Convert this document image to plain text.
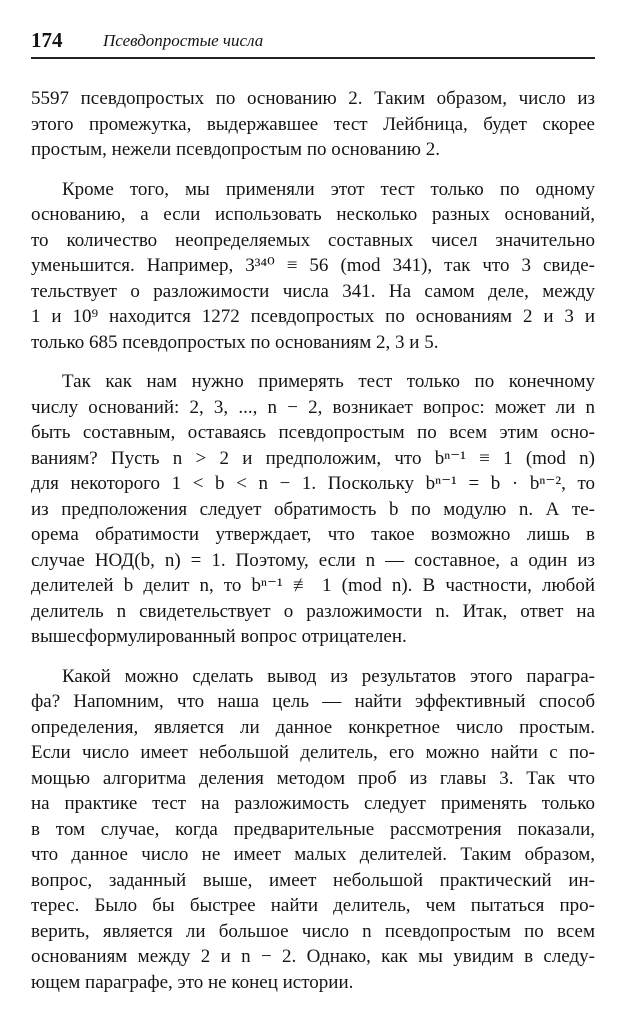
174 Псевдопростые числа
5597 псевдопростых по основанию 2. Таким образом, число из
этого промежутка, выдержавшее тест Лейбница, будет скорее
простым, нежели псевдопростым по основанию 2.
Кроме того, мы применяли этот тест только по одному
основанию, а если использовать несколько разных оснований,
то количество неопределяемых составных чисел значительно
уменьшится. Например, 3³⁴⁰ ≡ 56 (mod 341), так что 3 свиде-
тельствует о разложимости числа 341. На самом деле, между
1 и 10⁹ находится 1272 псевдопростых по основаниям 2 и 3 и
только 685 псевдопростых по основаниям 2, 3 и 5.
Так как нам нужно примерять тест только по конечному
числу оснований: 2, 3, ..., n − 2, возникает вопрос: может ли n
быть составным, оставаясь псевдопростым по всем этим осно-
ваниям? Пусть n > 2 и предположим, что bⁿ⁻¹ ≡ 1 (mod n)
для некоторого 1 < b < n − 1. Поскольку bⁿ⁻¹ = b · bⁿ⁻², то
из предположения следует обратимость b по модулю n. А те-
орема обратимости утверждает, что такое возможно лишь в
случае НОД(b, n) = 1. Поэтому, если n — составное, а один из
делителей b делит n, то bⁿ⁻¹ ≢ 1 (mod n). В частности, любой
делитель n свидетельствует о разложимости n. Итак, ответ на
вышесформулированный вопрос отрицателен.
Какой можно сделать вывод из результатов этого парагра-
фа? Напомним, что наша цель — найти эффективный способ
определения, является ли данное конкретное число простым.
Если число имеет небольшой делитель, его можно найти с по-
мощью алгоритма деления методом проб из главы 3. Так что
на практике тест на разложимость следует применять только
в том случае, когда предварительные рассмотрения показали,
что данное число не имеет малых делителей. Таким образом,
вопрос, заданный выше, имеет небольшой практический ин-
терес. Было бы быстрее найти делитель, чем пытаться про-
верить, является ли большое число n псевдопростым по всем
основаниям между 2 и n − 2. Однако, как мы увидим в следу-
ющем параграфе, это не конец истории.
